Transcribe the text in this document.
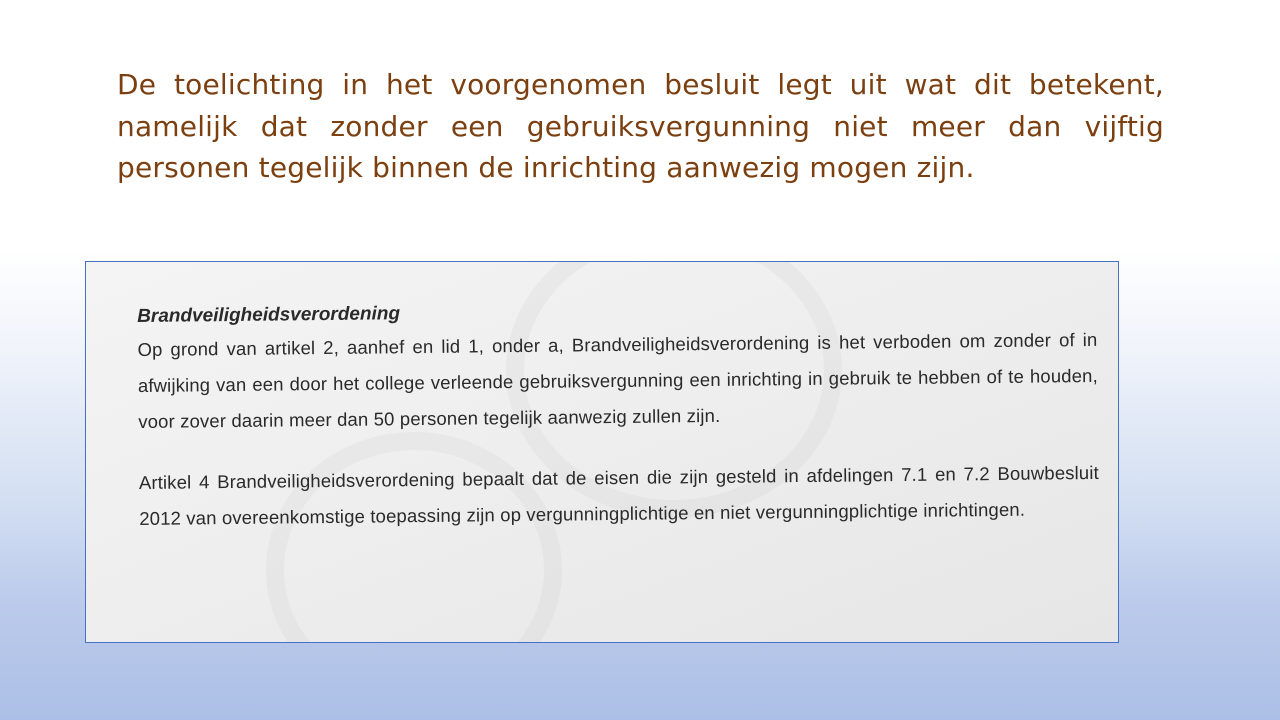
De toelichting in het voorgenomen besluit legt uit wat dit betekent, namelijk dat zonder een gebruiksvergunning niet meer dan vijftig personen tegelijk binnen de inrichting aanwezig mogen zijn.

Brandveiligheidsverordening

Op grond van artikel 2, aanhef en lid 1, onder a, Brandveiligheidsverordening is het verboden om zonder of in afwijking van een door het college verleende gebruiksvergunning een inrichting in gebruik te hebben of te houden, voor zover daarin meer dan 50 personen tegelijk aanwezig zullen zijn.

Artikel 4 Brandveiligheidsverordening bepaalt dat de eisen die zijn gesteld in afdelingen 7.1 en 7.2 Bouwbesluit 2012 van overeenkomstige toepassing zijn op vergunningplichtige en niet vergunningplichtige inrichtingen.
